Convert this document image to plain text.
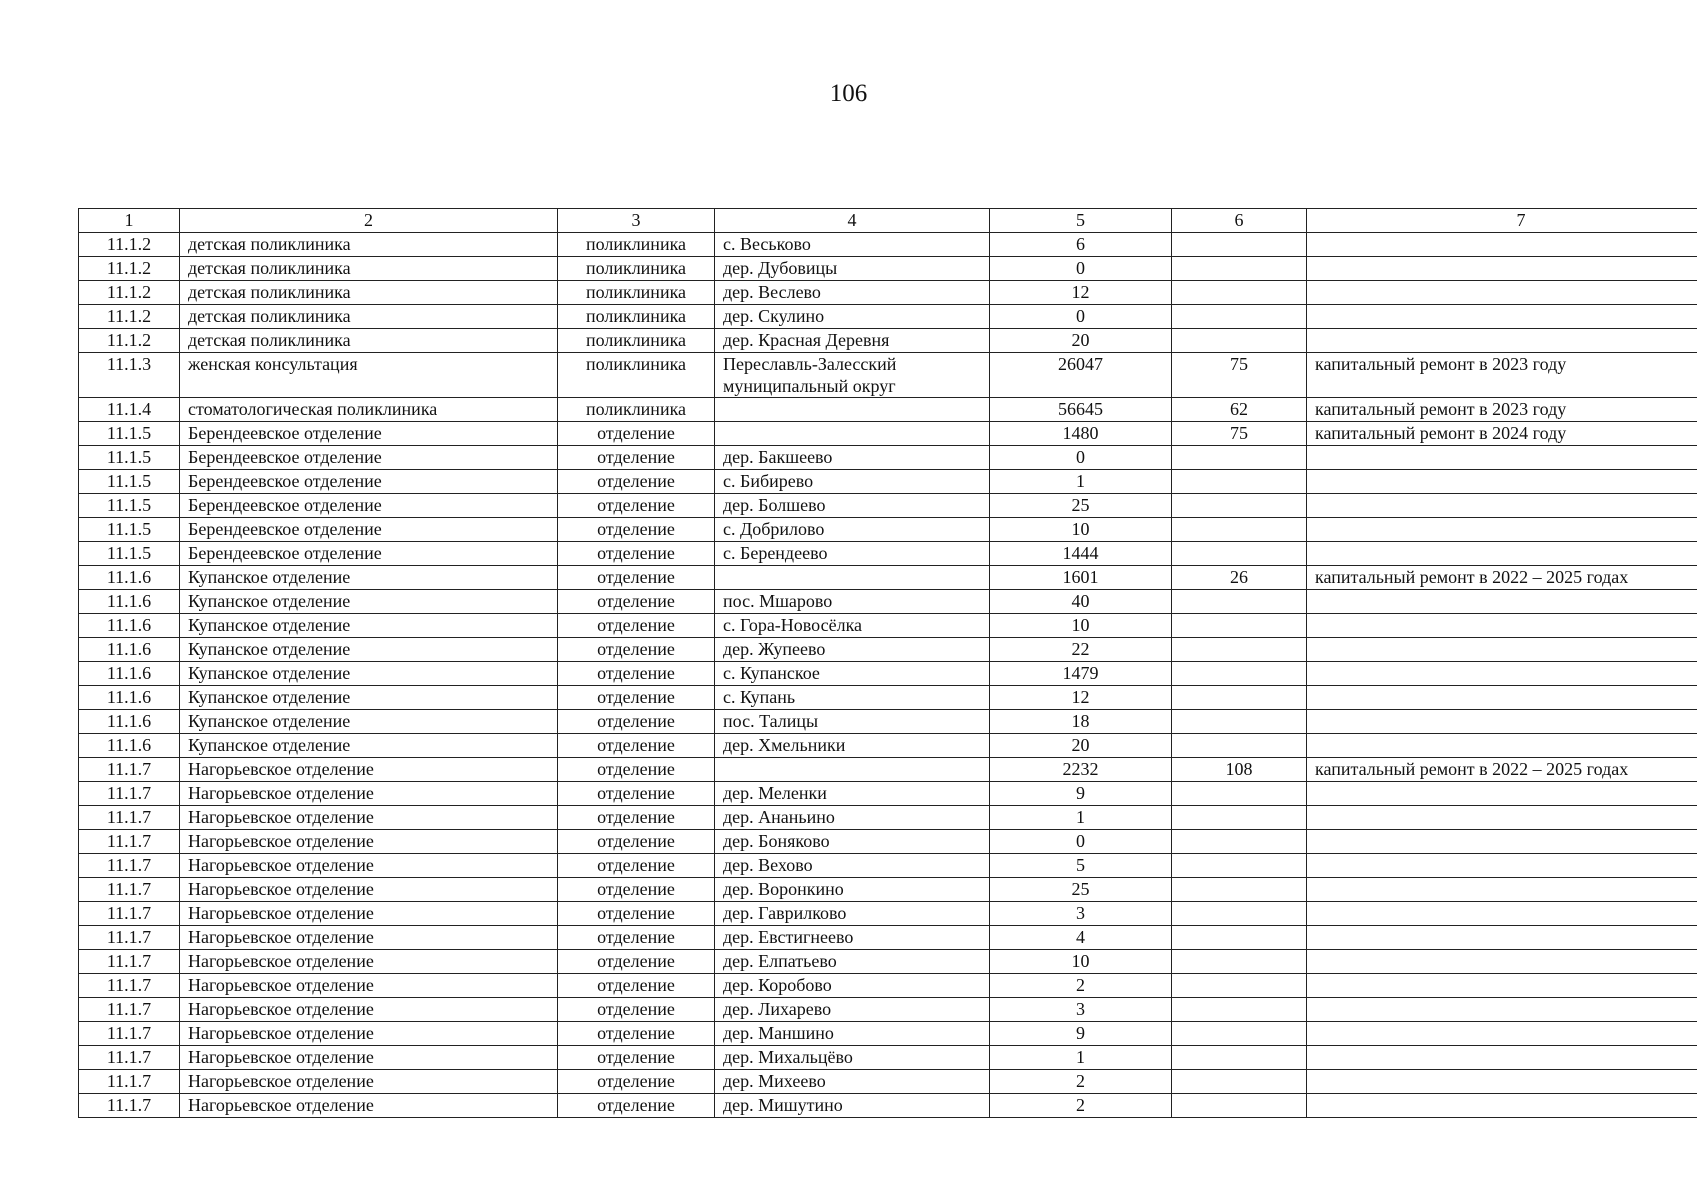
106
1	2	3	4	5	6	7
11.1.2	детская поликлиника	поликлиника	с. Веськово	6		
11.1.2	детская поликлиника	поликлиника	дер. Дубовицы	0		
11.1.2	детская поликлиника	поликлиника	дер. Веслево	12		
11.1.2	детская поликлиника	поликлиника	дер. Скулино	0		
11.1.2	детская поликлиника	поликлиника	дер. Красная Деревня	20		
11.1.3	женская консультация	поликлиника	Переславль-Залесский муниципальный округ	26047	75	капитальный ремонт в 2023 году
11.1.4	стоматологическая поликлиника	поликлиника		56645	62	капитальный ремонт в 2023 году
11.1.5	Берендеевское отделение	отделение		1480	75	капитальный ремонт в 2024 году
11.1.5	Берендеевское отделение	отделение	дер. Бакшеево	0		
11.1.5	Берендеевское отделение	отделение	с. Бибирево	1		
11.1.5	Берендеевское отделение	отделение	дер. Болшево	25		
11.1.5	Берендеевское отделение	отделение	с. Добрилово	10		
11.1.5	Берендеевское отделение	отделение	с. Берендеево	1444		
11.1.6	Купанское отделение	отделение		1601	26	капитальный ремонт в 2022 – 2025 годах
11.1.6	Купанское отделение	отделение	пос. Мшарово	40		
11.1.6	Купанское отделение	отделение	с. Гора-Новосёлка	10		
11.1.6	Купанское отделение	отделение	дер. Жупеево	22		
11.1.6	Купанское отделение	отделение	с. Купанское	1479		
11.1.6	Купанское отделение	отделение	с. Купань	12		
11.1.6	Купанское отделение	отделение	пос. Талицы	18		
11.1.6	Купанское отделение	отделение	дер. Хмельники	20		
11.1.7	Нагорьевское отделение	отделение		2232	108	капитальный ремонт в 2022 – 2025 годах
11.1.7	Нагорьевское отделение	отделение	дер. Меленки	9		
11.1.7	Нагорьевское отделение	отделение	дер. Ананьино	1		
11.1.7	Нагорьевское отделение	отделение	дер. Боняково	0		
11.1.7	Нагорьевское отделение	отделение	дер. Вехово	5		
11.1.7	Нагорьевское отделение	отделение	дер. Воронкино	25		
11.1.7	Нагорьевское отделение	отделение	дер. Гаврилково	3		
11.1.7	Нагорьевское отделение	отделение	дер. Евстигнеево	4		
11.1.7	Нагорьевское отделение	отделение	дер. Елпатьево	10		
11.1.7	Нагорьевское отделение	отделение	дер. Коробово	2		
11.1.7	Нагорьевское отделение	отделение	дер. Лихарево	3		
11.1.7	Нагорьевское отделение	отделение	дер. Маншино	9		
11.1.7	Нагорьевское отделение	отделение	дер. Михальцёво	1		
11.1.7	Нагорьевское отделение	отделение	дер. Михеево	2		
11.1.7	Нагорьевское отделение	отделение	дер. Мишутино	2		
